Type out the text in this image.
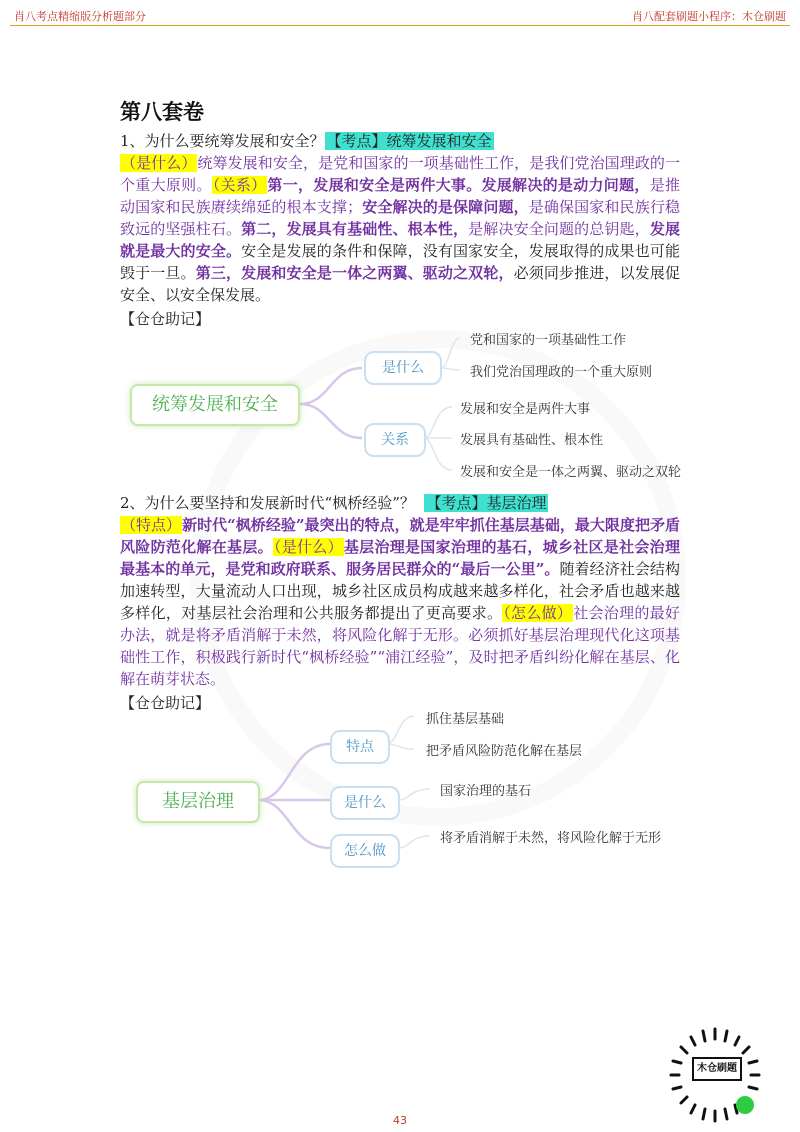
肖八考点精缩版分析题部分	肖八配套刷题小程序：木仓刷题
第八套卷

1、为什么要统筹发展和安全？ 【考点】统筹发展和安全

（是什么）统筹发展和安全，是党和国家的一项基础性工作，是我们党治国理政的一个重大原则。（关系）第一，发展和安全是两件大事。发展解决的是动力问题，是推动国家和民族赓续绵延的根本支撑；安全解决的是保障问题，是确保国家和民族行稳致远的坚强柱石。第二，发展具有基础性、根本性，是解决安全问题的总钥匙，发展就是最大的安全。安全是发展的条件和保障，没有国家安全，发展取得的成果也可能毁于一旦。第三，发展和安全是一体之两翼、驱动之双轮，必须同步推进，以发展促安全、以安全保发展。

【仓仓助记】

统筹发展和安全
是什么
关系
党和国家的一项基础性工作
我们党治国理政的一个重大原则
发展和安全是两件大事
发展具有基础性、根本性
发展和安全是一体之两翼、驱动之双轮

2、为什么要坚持和发展新时代“枫桥经验”？ 【考点】基层治理

（特点）新时代“枫桥经验”最突出的特点，就是牢牢抓住基层基础，最大限度把矛盾风险防范化解在基层。（是什么）基层治理是国家治理的基石，城乡社区是社会治理最基本的单元，是党和政府联系、服务居民群众的“最后一公里”。随着经济社会结构加速转型，大量流动人口出现，城乡社区成员构成越来越多样化，社会矛盾也越来越多样化，对基层社会治理和公共服务都提出了更高要求。（怎么做）社会治理的最好办法，就是将矛盾消解于未然，将风险化解于无形。必须抓好基层治理现代化这项基础性工作，积极践行新时代“枫桥经验”“浦江经验”，及时把矛盾纠纷化解在基层、化解在萌芽状态。

【仓仓助记】

基层治理
特点
是什么
怎么做
抓住基层基础
把矛盾风险防范化解在基层
国家治理的基石
将矛盾消解于未然，将风险化解于无形
木仓刷题
43
